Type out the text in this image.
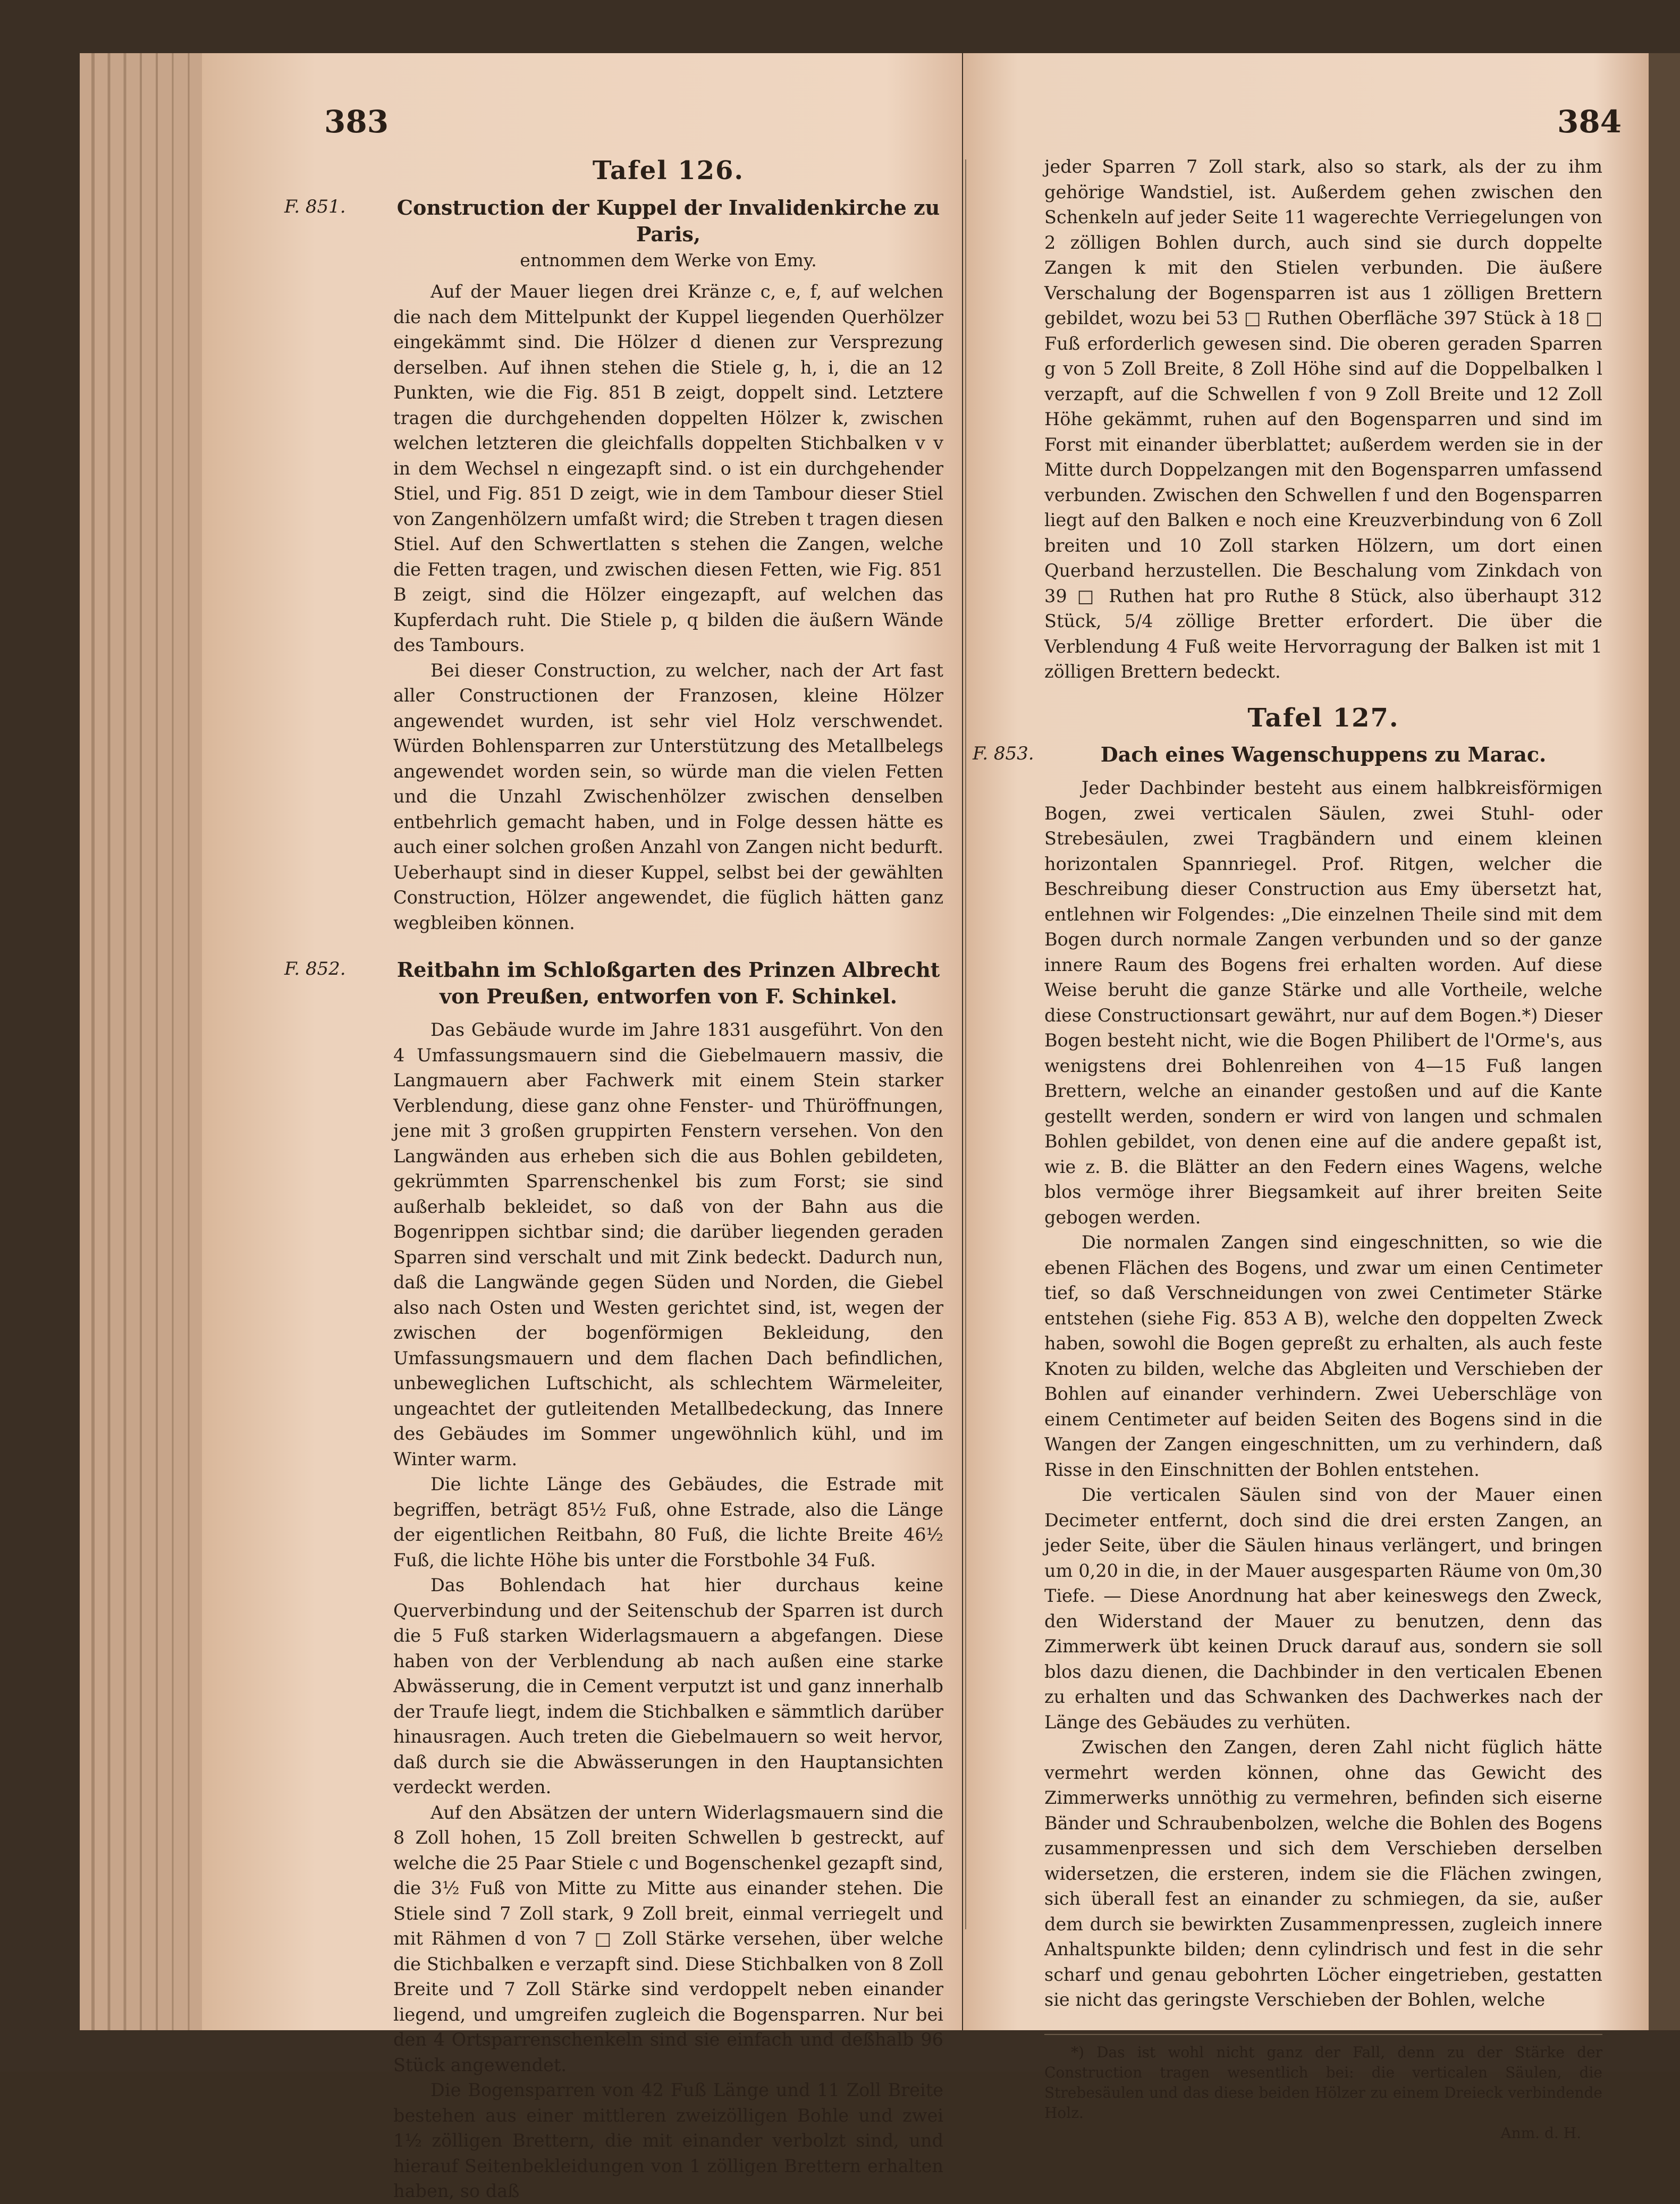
383	384
Tafel 126.
F. 851.	Construction der Kuppel der Invalidenkirche zu Paris,
entnommen dem Werke von Emy.

Auf der Mauer liegen drei Kränze c, e, f, auf welchen die nach dem Mittelpunkt der Kuppel liegenden Querhölzer eingekämmt sind. Die Hölzer d dienen zur Versprezung derselben. Auf ihnen stehen die Stiele g, h, i, die an 12 Punkten, wie die Fig. 851 B zeigt, doppelt sind. Letztere tragen die durchgehenden doppelten Hölzer k, zwischen welchen letzteren die gleichfalls doppelten Stichbalken v v in dem Wechsel n eingezapft sind. o ist ein durchgehender Stiel, und Fig. 851 D zeigt, wie in dem Tambour dieser Stiel von Zangenhölzern umfaßt wird; die Streben t tragen diesen Stiel. Auf den Schwertlatten s stehen die Zangen, welche die Fetten tragen, und zwischen diesen Fetten, wie Fig. 851 B zeigt, sind die Hölzer eingezapft, auf welchen das Kupferdach ruht. Die Stiele p, q bilden die äußern Wände des Tambours.

Bei dieser Construction, zu welcher, nach der Art fast aller Constructionen der Franzosen, kleine Hölzer angewendet wurden, ist sehr viel Holz verschwendet. Würden Bohlensparren zur Unterstützung des Metallbelegs angewendet worden sein, so würde man die vielen Fetten und die Unzahl Zwischenhölzer zwischen denselben entbehrlich gemacht haben, und in Folge dessen hätte es auch einer solchen großen Anzahl von Zangen nicht bedurft. Ueberhaupt sind in dieser Kuppel, selbst bei der gewählten Construction, Hölzer angewendet, die füglich hätten ganz wegbleiben können.

F. 852.	Reitbahn im Schloßgarten des Prinzen Albrecht von Preußen, entworfen von F. Schinkel.

Das Gebäude wurde im Jahre 1831 ausgeführt. Von den 4 Umfassungsmauern sind die Giebelmauern massiv, die Langmauern aber Fachwerk mit einem Stein starker Verblendung, diese ganz ohne Fenster- und Thüröffnungen, jene mit 3 großen gruppirten Fenstern versehen. Von den Langwänden aus erheben sich die aus Bohlen gebildeten, gekrümmten Sparrenschenkel bis zum Forst; sie sind außerhalb bekleidet, so daß von der Bahn aus die Bogenrippen sichtbar sind; die darüber liegenden geraden Sparren sind verschalt und mit Zink bedeckt. Dadurch nun, daß die Langwände gegen Süden und Norden, die Giebel also nach Osten und Westen gerichtet sind, ist, wegen der zwischen der bogenförmigen Bekleidung, den Umfassungsmauern und dem flachen Dach befindlichen, unbeweglichen Luftschicht, als schlechtem Wärmeleiter, ungeachtet der gutleitenden Metallbedeckung, das Innere des Gebäudes im Sommer ungewöhnlich kühl, und im Winter warm.

Die lichte Länge des Gebäudes, die Estrade mit begriffen, beträgt 85½ Fuß, ohne Estrade, also die Länge der eigentlichen Reitbahn, 80 Fuß, die lichte Breite 46½ Fuß, die lichte Höhe bis unter die Forstbohle 34 Fuß.

Das Bohlendach hat hier durchaus keine Querverbindung und der Seitenschub der Sparren ist durch die 5 Fuß starken Widerlagsmauern a abgefangen. Diese haben von der Verblendung ab nach außen eine starke Abwässerung, die in Cement verputzt ist und ganz innerhalb der Traufe liegt, indem die Stichbalken e sämmtlich darüber hinausragen. Auch treten die Giebelmauern so weit hervor, daß durch sie die Abwässerungen in den Hauptansichten verdeckt werden.

Auf den Absätzen der untern Widerlagsmauern sind die 8 Zoll hohen, 15 Zoll breiten Schwellen b gestreckt, auf welche die 25 Paar Stiele c und Bogenschenkel gezapft sind, die 3½ Fuß von Mitte zu Mitte aus einander stehen. Die Stiele sind 7 Zoll stark, 9 Zoll breit, einmal verriegelt und mit Rähmen d von 7 □ Zoll Stärke versehen, über welche die Stichbalken e verzapft sind. Diese Stichbalken von 8 Zoll Breite und 7 Zoll Stärke sind verdoppelt neben einander liegend, und umgreifen zugleich die Bogensparren. Nur bei den 4 Ortsparrenschenkeln sind sie einfach und deßhalb 96 Stück angewendet.

Die Bogensparren von 42 Fuß Länge und 11 Zoll Breite bestehen aus einer mittleren zweizölligen Bohle und zwei 1½ zölligen Brettern, die mit einander verbolzt sind, und hierauf Seitenbekleidungen von 1 zölligen Brettern erhalten haben, so daß

jeder Sparren 7 Zoll stark, also so stark, als der zu ihm gehörige Wandstiel, ist. Außerdem gehen zwischen den Schenkeln auf jeder Seite 11 wagerechte Verriegelungen von 2 zölligen Bohlen durch, auch sind sie durch doppelte Zangen k mit den Stielen verbunden. Die äußere Verschalung der Bogensparren ist aus 1 zölligen Brettern gebildet, wozu bei 53 □ Ruthen Oberfläche 397 Stück à 18 □ Fuß erforderlich gewesen sind. Die oberen geraden Sparren g von 5 Zoll Breite, 8 Zoll Höhe sind auf die Doppelbalken l verzapft, auf die Schwellen f von 9 Zoll Breite und 12 Zoll Höhe gekämmt, ruhen auf den Bogensparren und sind im Forst mit einander überblattet; außerdem werden sie in der Mitte durch Doppelzangen mit den Bogensparren umfassend verbunden. Zwischen den Schwellen f und den Bogensparren liegt auf den Balken e noch eine Kreuzverbindung von 6 Zoll breiten und 10 Zoll starken Hölzern, um dort einen Querband herzustellen. Die Beschalung vom Zinkdach von 39 □ Ruthen hat pro Ruthe 8 Stück, also überhaupt 312 Stück, 5/4 zöllige Bretter erfordert. Die über die Verblendung 4 Fuß weite Hervorragung der Balken ist mit 1 zölligen Brettern bedeckt.

Tafel 127.
F. 853.	Dach eines Wagenschuppens zu Marac.

Jeder Dachbinder besteht aus einem halbkreisförmigen Bogen, zwei verticalen Säulen, zwei Stuhl- oder Strebesäulen, zwei Tragbändern und einem kleinen horizontalen Spannriegel. Prof. Ritgen, welcher die Beschreibung dieser Construction aus Emy übersetzt hat, entlehnen wir Folgendes: „Die einzelnen Theile sind mit dem Bogen durch normale Zangen verbunden und so der ganze innere Raum des Bogens frei erhalten worden. Auf diese Weise beruht die ganze Stärke und alle Vortheile, welche diese Constructionsart gewährt, nur auf dem Bogen.*) Dieser Bogen besteht nicht, wie die Bogen Philibert de l'Orme's, aus wenigstens drei Bohlenreihen von 4—15 Fuß langen Brettern, welche an einander gestoßen und auf die Kante gestellt werden, sondern er wird von langen und schmalen Bohlen gebildet, von denen eine auf die andere gepaßt ist, wie z. B. die Blätter an den Federn eines Wagens, welche blos vermöge ihrer Biegsamkeit auf ihrer breiten Seite gebogen werden.

Die normalen Zangen sind eingeschnitten, so wie die ebenen Flächen des Bogens, und zwar um einen Centimeter tief, so daß Verschneidungen von zwei Centimeter Stärke entstehen (siehe Fig. 853 A B), welche den doppelten Zweck haben, sowohl die Bogen gepreßt zu erhalten, als auch feste Knoten zu bilden, welche das Abgleiten und Verschieben der Bohlen auf einander verhindern. Zwei Ueberschläge von einem Centimeter auf beiden Seiten des Bogens sind in die Wangen der Zangen eingeschnitten, um zu verhindern, daß Risse in den Einschnitten der Bohlen entstehen.

Die verticalen Säulen sind von der Mauer einen Decimeter entfernt, doch sind die drei ersten Zangen, an jeder Seite, über die Säulen hinaus verlängert, und bringen um 0,20 in die, in der Mauer ausgesparten Räume von 0m,30 Tiefe. — Diese Anordnung hat aber keineswegs den Zweck, den Widerstand der Mauer zu benutzen, denn das Zimmerwerk übt keinen Druck darauf aus, sondern sie soll blos dazu dienen, die Dachbinder in den verticalen Ebenen zu erhalten und das Schwanken des Dachwerkes nach der Länge des Gebäudes zu verhüten.

Zwischen den Zangen, deren Zahl nicht füglich hätte vermehrt werden können, ohne das Gewicht des Zimmerwerks unnöthig zu vermehren, befinden sich eiserne Bänder und Schraubenbolzen, welche die Bohlen des Bogens zusammenpressen und sich dem Verschieben derselben widersetzen, die ersteren, indem sie die Flächen zwingen, sich überall fest an einander zu schmiegen, da sie, außer dem durch sie bewirkten Zusammenpressen, zugleich innere Anhaltspunkte bilden; denn cylindrisch und fest in die sehr scharf und genau gebohrten Löcher eingetrieben, gestatten sie nicht das geringste Verschieben der Bohlen, welche

*) Das ist wohl nicht ganz der Fall, denn zu der Stärke der Construction tragen wesentlich bei: die verticalen Säulen, die Strebesäulen und das diese beiden Hölzer zu einem Dreieck verbindende Holz.

Anm. d. H.
